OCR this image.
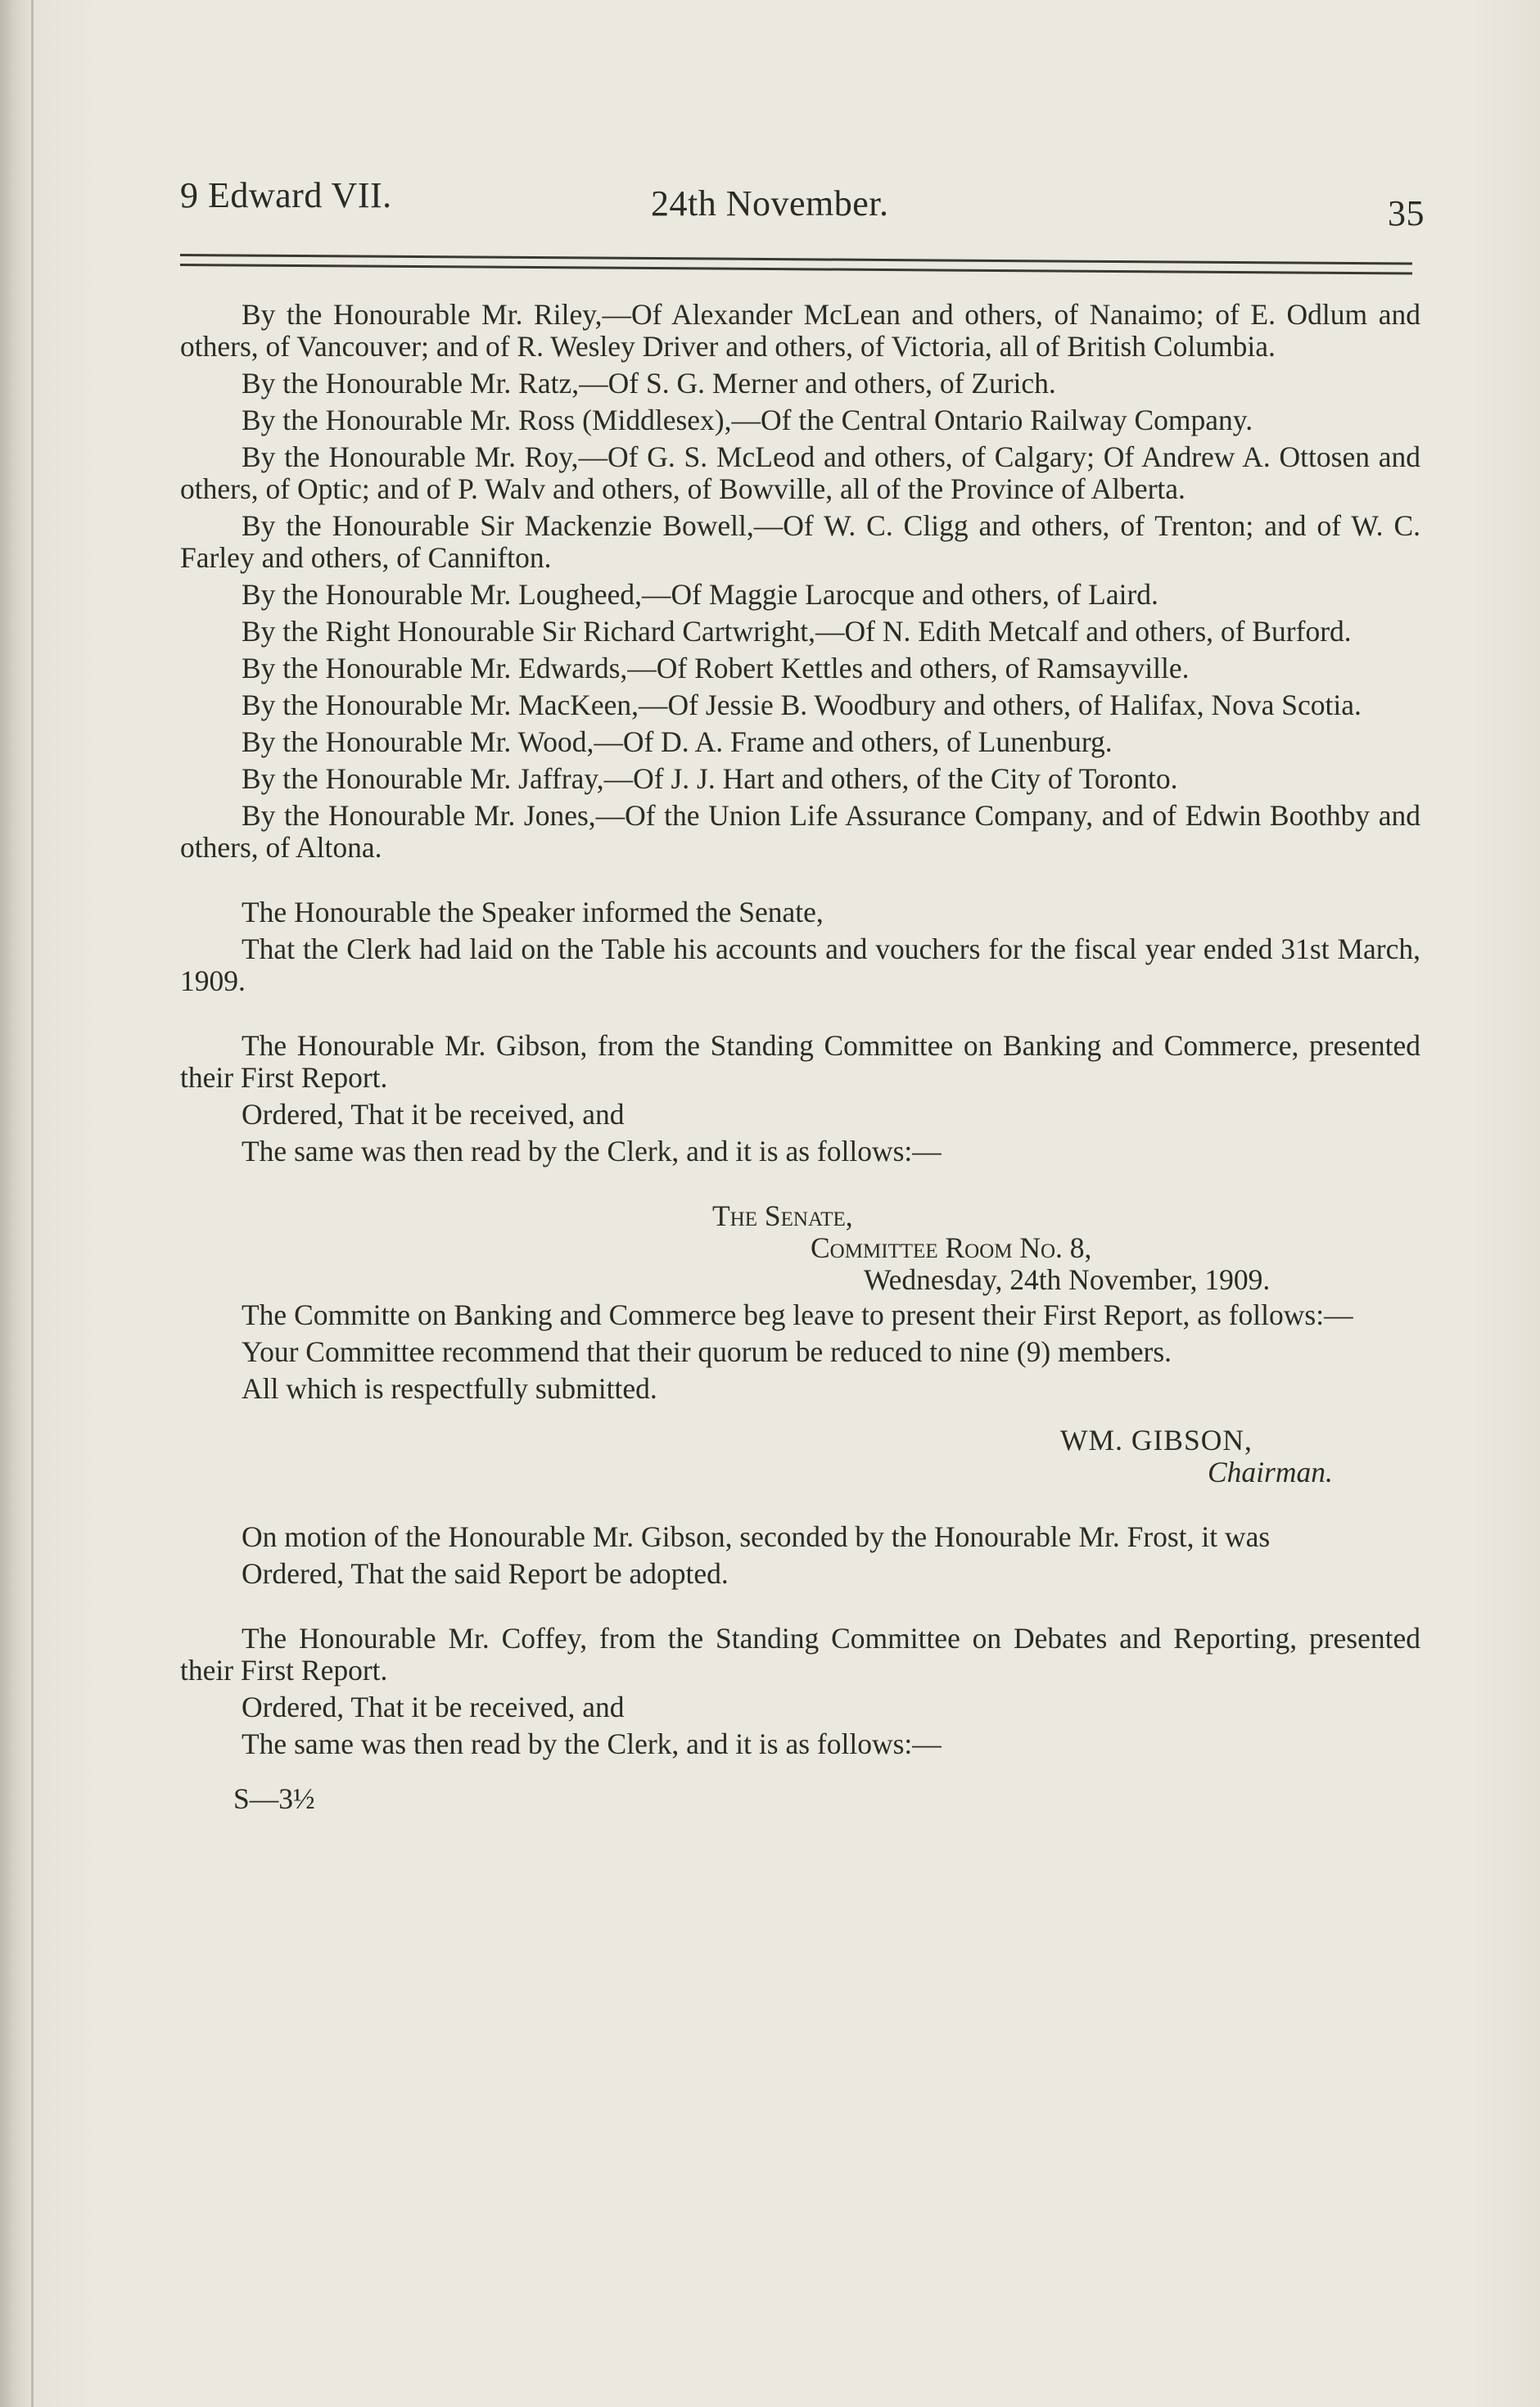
9 Edward VII.	24th November.	35

By the Honourable Mr. Riley,—Of Alexander McLean and others, of Nanaimo; of E. Odlum and others, of Vancouver; and of R. Wesley Driver and others, of Victoria, all of British Columbia.

By the Honourable Mr. Ratz,—Of S. G. Merner and others, of Zurich.

By the Honourable Mr. Ross (Middlesex),—Of the Central Ontario Railway Company.

By the Honourable Mr. Roy,—Of G. S. McLeod and others, of Calgary; Of Andrew A. Ottosen and others, of Optic; and of P. Walv and others, of Bowville, all of the Province of Alberta.

By the Honourable Sir Mackenzie Bowell,—Of W. C. Cligg and others, of Trenton; and of W. C. Farley and others, of Cannifton.

By the Honourable Mr. Lougheed,—Of Maggie Larocque and others, of Laird.

By the Right Honourable Sir Richard Cartwright,—Of N. Edith Metcalf and others, of Burford.

By the Honourable Mr. Edwards,—Of Robert Kettles and others, of Ramsayville.

By the Honourable Mr. MacKeen,—Of Jessie B. Woodbury and others, of Halifax, Nova Scotia.

By the Honourable Mr. Wood,—Of D. A. Frame and others, of Lunenburg.

By the Honourable Mr. Jaffray,—Of J. J. Hart and others, of the City of Toronto.

By the Honourable Mr. Jones,—Of the Union Life Assurance Company, and of Edwin Boothby and others, of Altona.

The Honourable the Speaker informed the Senate,

That the Clerk had laid on the Table his accounts and vouchers for the fiscal year ended 31st March, 1909.

The Honourable Mr. Gibson, from the Standing Committee on Banking and Commerce, presented their First Report.

Ordered, That it be received, and

The same was then read by the Clerk, and it is as follows:—

The Senate,
Committee Room No. 8,
Wednesday, 24th November, 1909.

The Committe on Banking and Commerce beg leave to present their First Report, as follows:—

Your Committee recommend that their quorum be reduced to nine (9) members.

All which is respectfully submitted.

WM. GIBSON,
Chairman.

On motion of the Honourable Mr. Gibson, seconded by the Honourable Mr. Frost, it was

Ordered, That the said Report be adopted.

The Honourable Mr. Coffey, from the Standing Committee on Debates and Reporting, presented their First Report.

Ordered, That it be received, and

The same was then read by the Clerk, and it is as follows:—

S—3½
